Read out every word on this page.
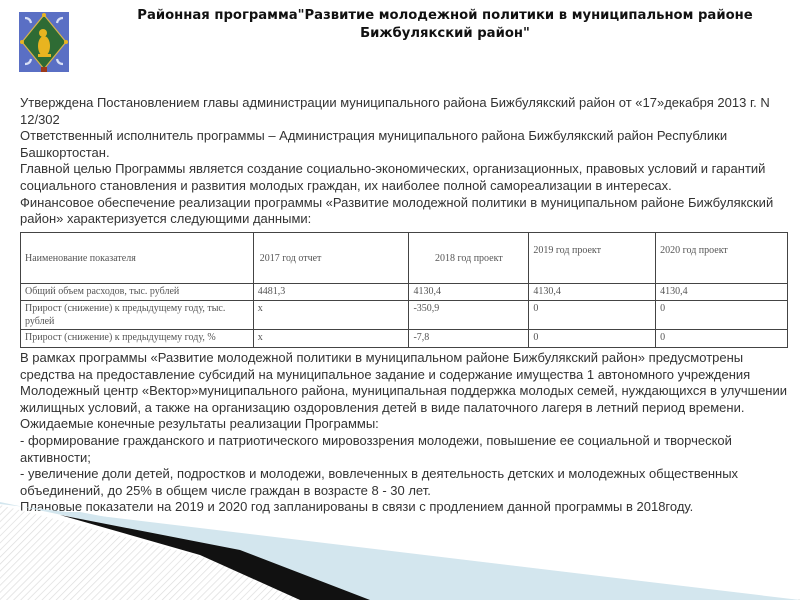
Районная программа"Развитие молодежной политики в муниципальном районе
Бижбулякский район"

Утверждена Постановлением главы администрации муниципального района Бижбулякский район от «17»декабря 2013 г. N 12/302

Ответственный исполнитель программы – Администрация муниципального района Бижбулякский район Республики Башкортостан.

Главной целью Программы является создание социально-экономических, организационных, правовых условий и гарантий социального становления и развития молодых граждан, их наиболее полной самореализации в интересах.

Финансовое обеспечение реализации программы «Развитие молодежной политики в муниципальном районе Бижбулякский район» характеризуется следующими данными:

Наименование показателя	2017 год отчет	2018 год проект	2019 год проект	2020 год проект
Общий объем расходов, тыс. рублей	4481,3	4130,4	4130,4	4130,4
Прирост (снижение) к предыдущему году, тыс. рублей	х	-350,9	0	0
Прирост (снижение) к предыдущему году, %	х	-7,8	0	0

В рамках программы «Развитие молодежной политики в муниципальном районе Бижбулякский район» предусмотрены средства на предоставление субсидий на муниципальное задание и содержание имущества 1 автономного учреждения Молодежный центр «Вектор»муниципального района, муниципальная поддержка молодых семей, нуждающихся в улучшении жилищных условий, а также на организацию оздоровления детей в виде палаточного лагеря в летний период времени.

Ожидаемые конечные результаты реализации Программы:

- формирование гражданского и патриотического мировоззрения молодежи, повышение ее социальной и творческой активности;

- увеличение доли детей, подростков и молодежи, вовлеченных в деятельность детских и молодежных общественных объединений, до 25% в общем числе граждан в возрасте 8 - 30 лет.

Плановые показатели на 2019 и 2020 год запланированы в связи с продлением данной программы в 2018году.
